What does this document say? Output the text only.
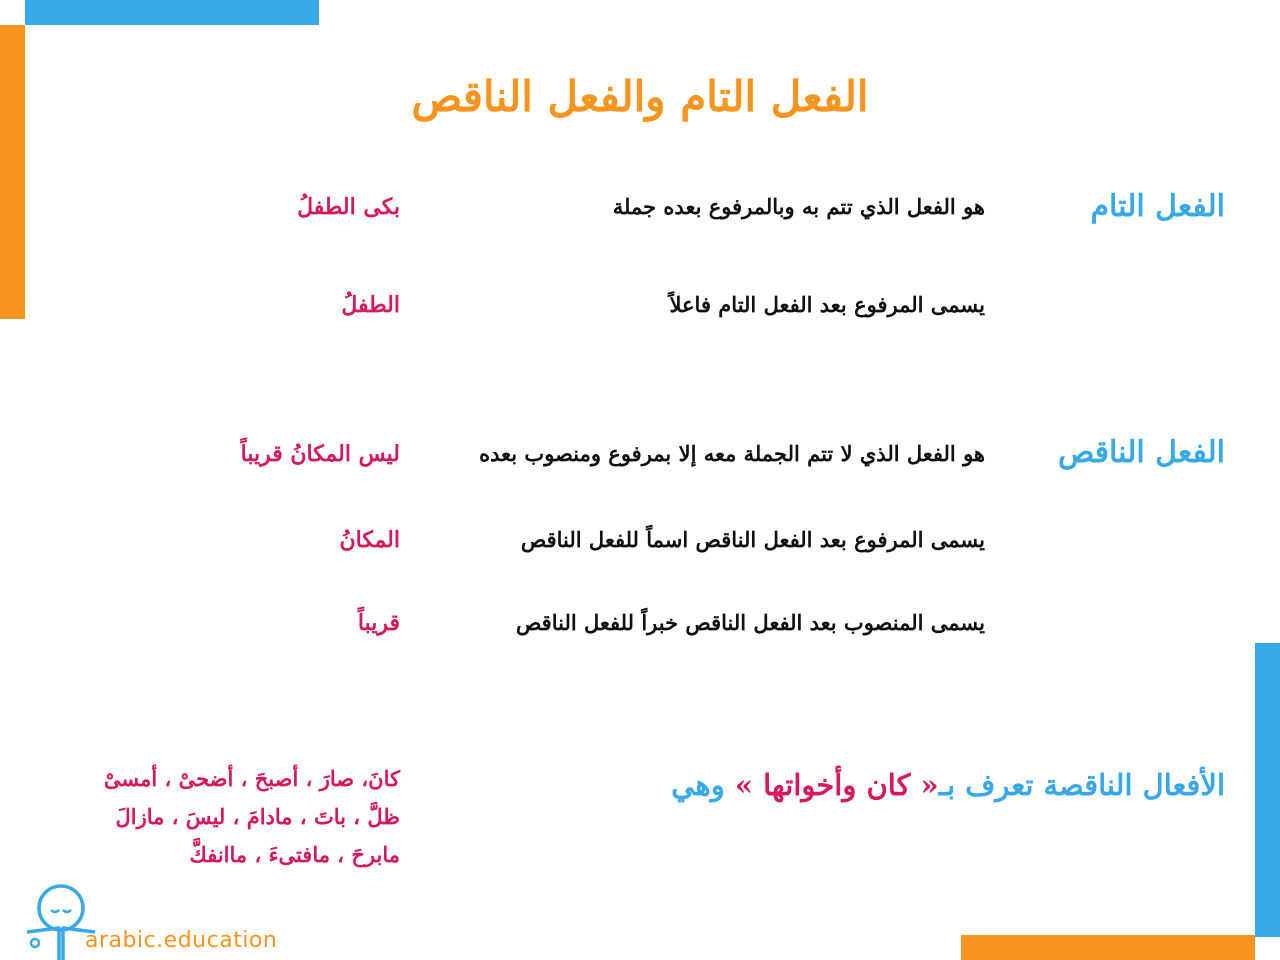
الفعل التام والفعل الناقص
الفعل التام
هو الفعل الذي تتم به وبالمرفوع بعده جملة
بكى الطفلُ
يسمى المرفوع بعد الفعل التام فاعلاً
الطفلُ
الفعل الناقص
هو الفعل الذي لا تتم الجملة معه إلا بمرفوع ومنصوب بعده
ليس المكانُ قريباً
يسمى المرفوع بعد الفعل الناقص اسماً للفعل الناقص
المكانُ
يسمى المنصوب بعد الفعل الناقص خبراً للفعل الناقص
قريباً
الأفعال الناقصة تعرف بـ« كان وأخواتها » وهي
كانَ، صارَ ، أصبحَ ، أضحىْ ، أمسىْ
ظلَّ ، باتَ ، مادامَ ، ليسَ ، مازالَ
مابرحَ ، مافتىءَ ، ماانفكَّ
arabic.education
